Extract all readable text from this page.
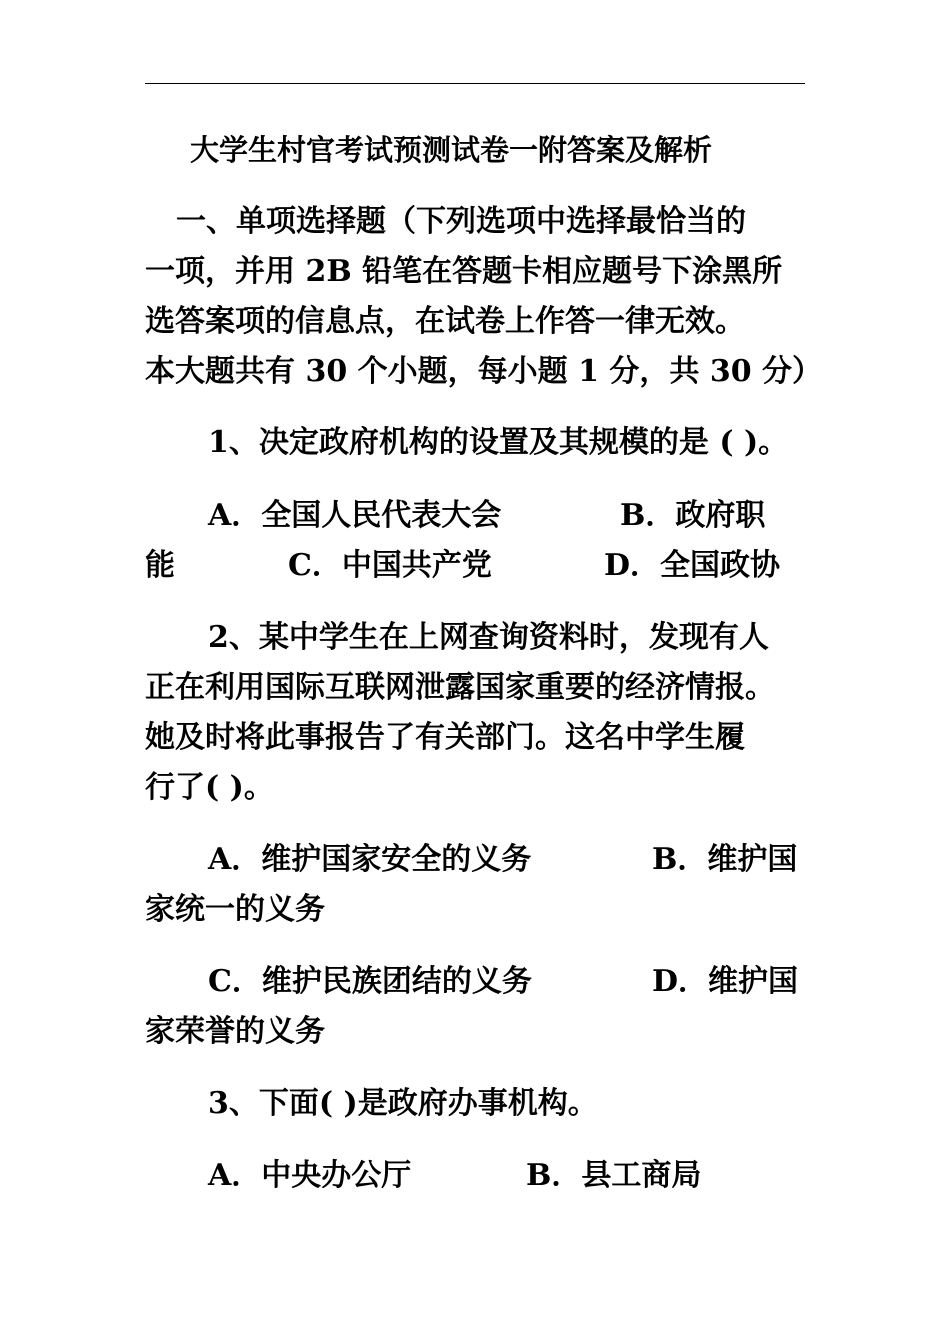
大学生村官考试预测试卷一附答案及解析
一、单项选择题（下列选项中选择最恰当的
一项，并用 2B 铅笔在答题卡相应题号下涂黑所
选答案项的信息点，在试卷上作答一律无效。
本大题共有 30 个小题，每小题 1 分，共 30 分）
1、决定政府机构的设置及其规模的是 ( )。
A．全国人民代表大会	B．政府职
能	C．中国共产党	D．全国政协
2、某中学生在上网查询资料时，发现有人
正在利用国际互联网泄露国家重要的经济情报。
她及时将此事报告了有关部门。这名中学生履
行了( )。
A．维护国家安全的义务	B．维护国
家统一的义务
C．维护民族团结的义务	D．维护国
家荣誉的义务
3、下面( )是政府办事机构。
A．中央办公厅	B．县工商局
